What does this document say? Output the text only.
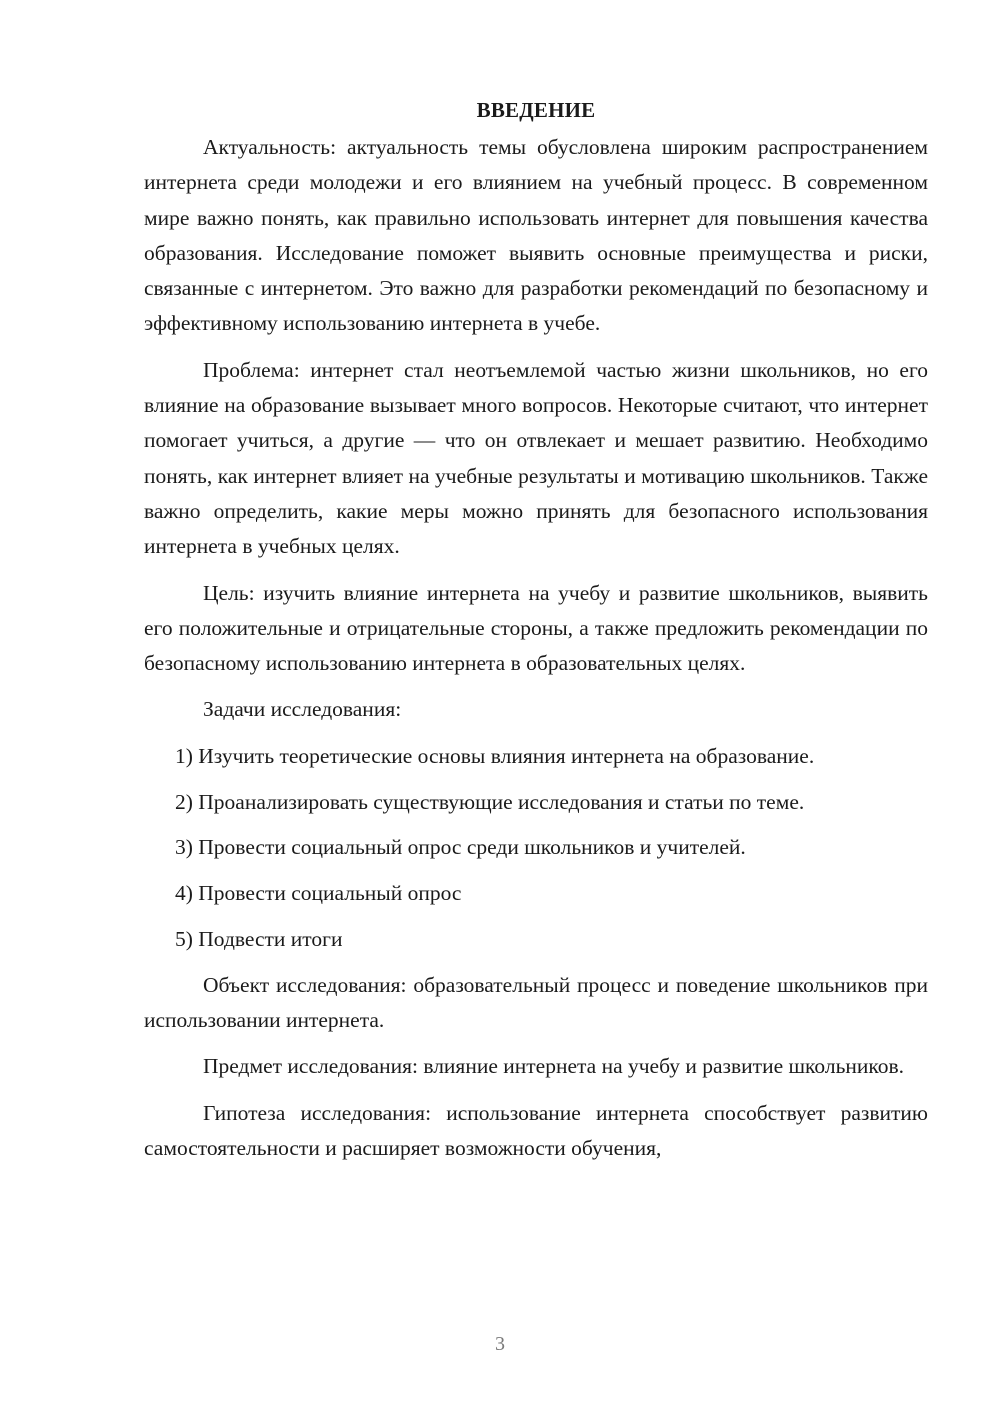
ВВЕДЕНИЕ

Актуальность: актуальность темы обусловлена широким распространением интернета среди молодежи и его влиянием на учебный процесс. В современном мире важно понять, как правильно использовать интернет для повышения качества образования. Исследование поможет выявить основные преимущества и риски, связанные с интернетом. Это важно для разработки рекомендаций по безопасному и эффективному использованию интернета в учебе.

Проблема: интернет стал неотъемлемой частью жизни школьников, но его влияние на образование вызывает много вопросов. Некоторые считают, что интернет помогает учиться, а другие — что он отвлекает и мешает развитию. Необходимо понять, как интернет влияет на учебные результаты и мотивацию школьников. Также важно определить, какие меры можно принять для безопасного использования интернета в учебных целях.

Цель: изучить влияние интернета на учебу и развитие школьников, выявить его положительные и отрицательные стороны, а также предложить рекомендации по безопасному использованию интернета в образовательных целях.

Задачи исследования:

1) Изучить теоретические основы влияния интернета на образование.
2) Проанализировать существующие исследования и статьи по теме.
3) Провести социальный опрос среди школьников и учителей.
4) Провести социальный опрос
5) Подвести итоги

Объект исследования: образовательный процесс и поведение школьников при использовании интернета.

Предмет исследования: влияние интернета на учебу и развитие школьников.

Гипотеза исследования: использование интернета способствует развитию самостоятельности и расширяет возможности обучения,

3
